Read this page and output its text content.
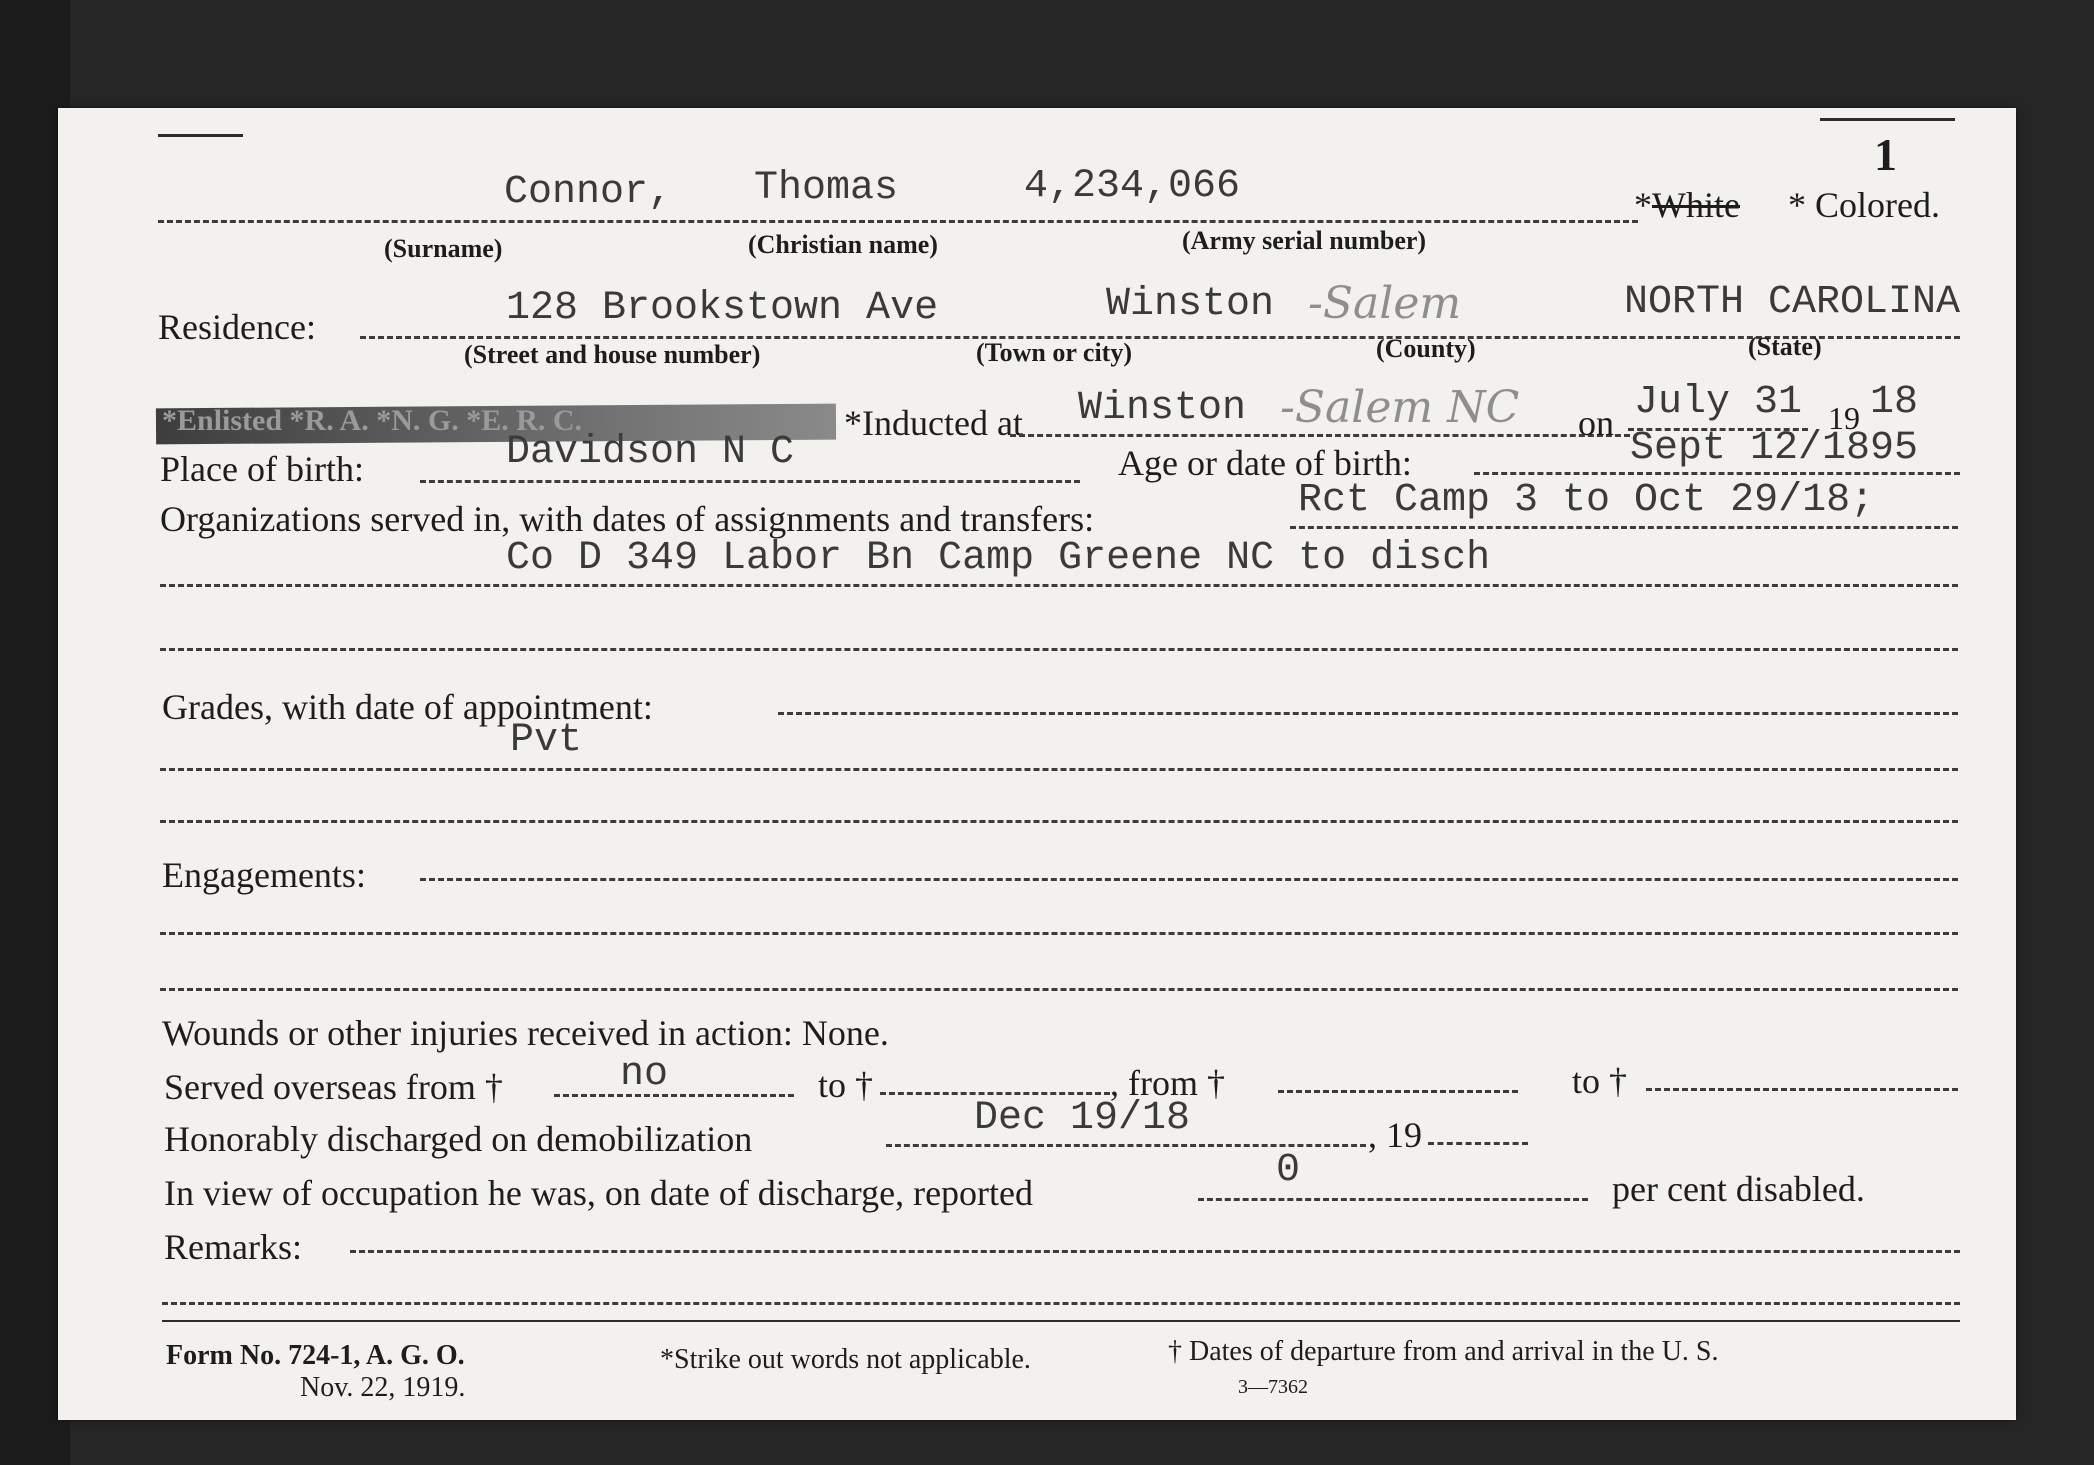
1
Connor, Thomas	4,234,066	*White * Colored.
(Surname)	(Christian name)	(Army serial number)
Residence:	128 Brookstown Ave	Winston -Salem	NORTH CAROLINA
(Street and house number)	(Town or city)	(County)	(State)
*Enlisted *R. A. *N. G. *E. R. C.	*Inducted at Winston -Salem NC on July 31 19 18
Place of birth:	Davidson N C	Age or date of birth:	Sept 12/1895
Organizations served in, with dates of assignments and transfers:	Rct Camp 3 to Oct 29/18;
Co D 349 Labor Bn Camp Greene NC to disch
Grades, with date of appointment:
Pvt
Engagements:
Wounds or other injuries received in action: None.
Served overseas from †	no	to †	, from †	to †
Honorably discharged on demobilization	Dec 19/18	, 19
In view of occupation he was, on date of discharge, reported	0	per cent disabled.
Remarks:
Form No. 724-1, A. G. O.
Nov. 22, 1919.
*Strike out words not applicable.	† Dates of departure from and arrival in the U. S.
3—7362
